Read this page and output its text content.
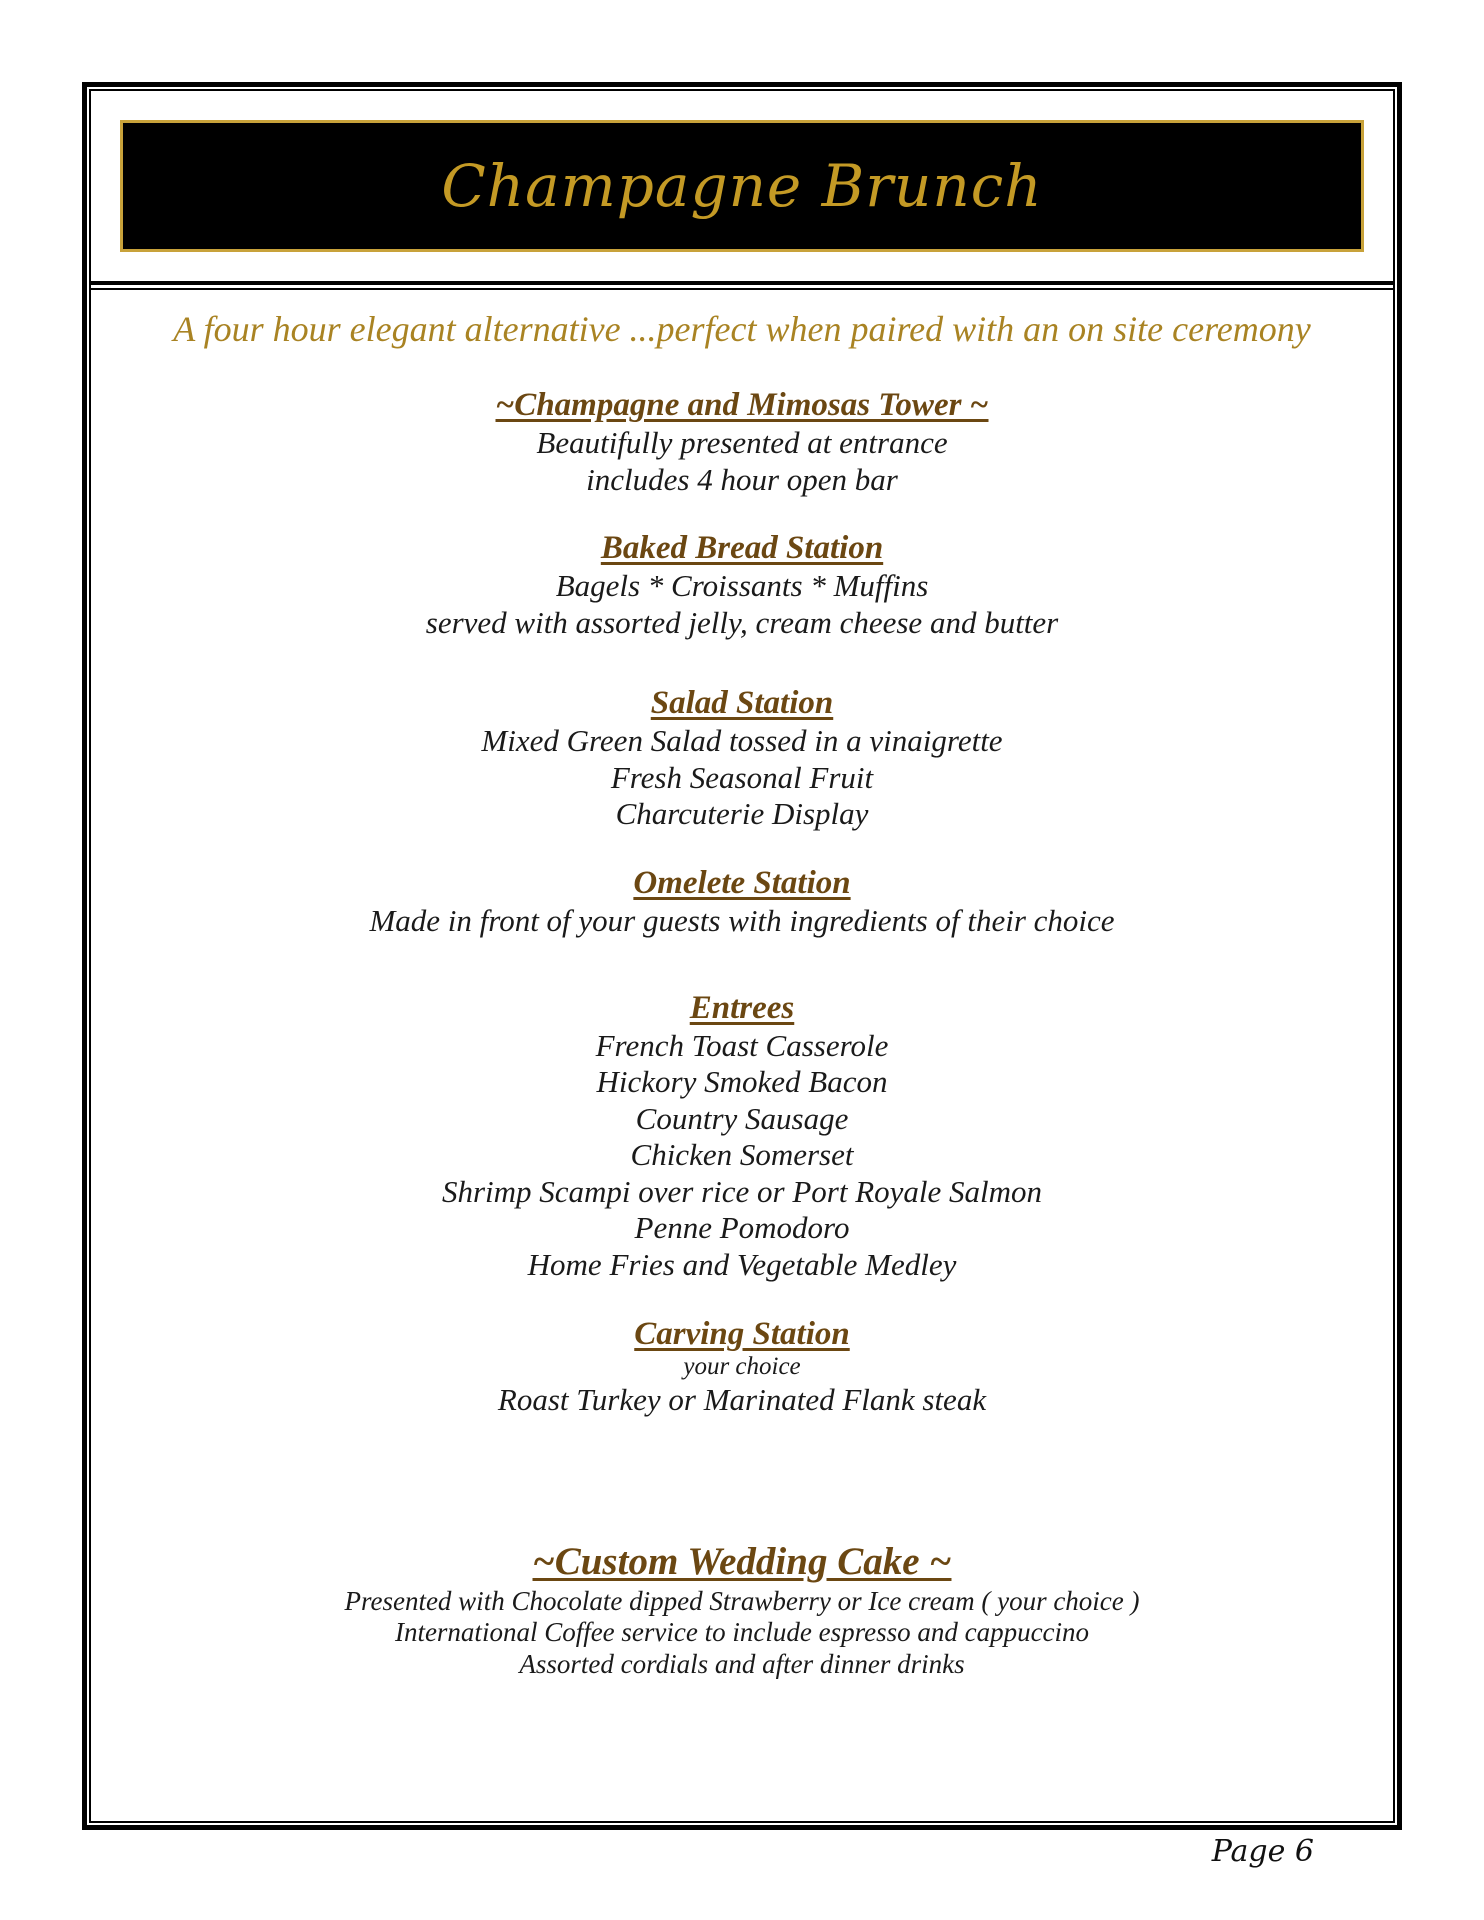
Champagne Brunch
A four hour elegant alternative ...perfect when paired with an on site ceremony
~Champagne and Mimosas Tower ~
Beautifully presented at entrance
includes 4 hour open bar
Baked Bread Station
Bagels * Croissants * Muffins
served with assorted jelly, cream cheese and butter
Salad Station
Mixed Green Salad tossed in a vinaigrette
Fresh Seasonal Fruit
Charcuterie Display
Omelete Station
Made in front of your guests with ingredients of their choice
Entrees
French Toast Casserole
Hickory Smoked Bacon
Country Sausage
Chicken Somerset
Shrimp Scampi over rice or Port Royale Salmon
Penne Pomodoro
Home Fries and Vegetable Medley
Carving Station
your choice
Roast Turkey or Marinated Flank steak
~Custom Wedding Cake ~
Presented with Chocolate dipped Strawberry or Ice cream ( your choice )
International Coffee service to include espresso and cappuccino
Assorted cordials and after dinner drinks
Page 6
